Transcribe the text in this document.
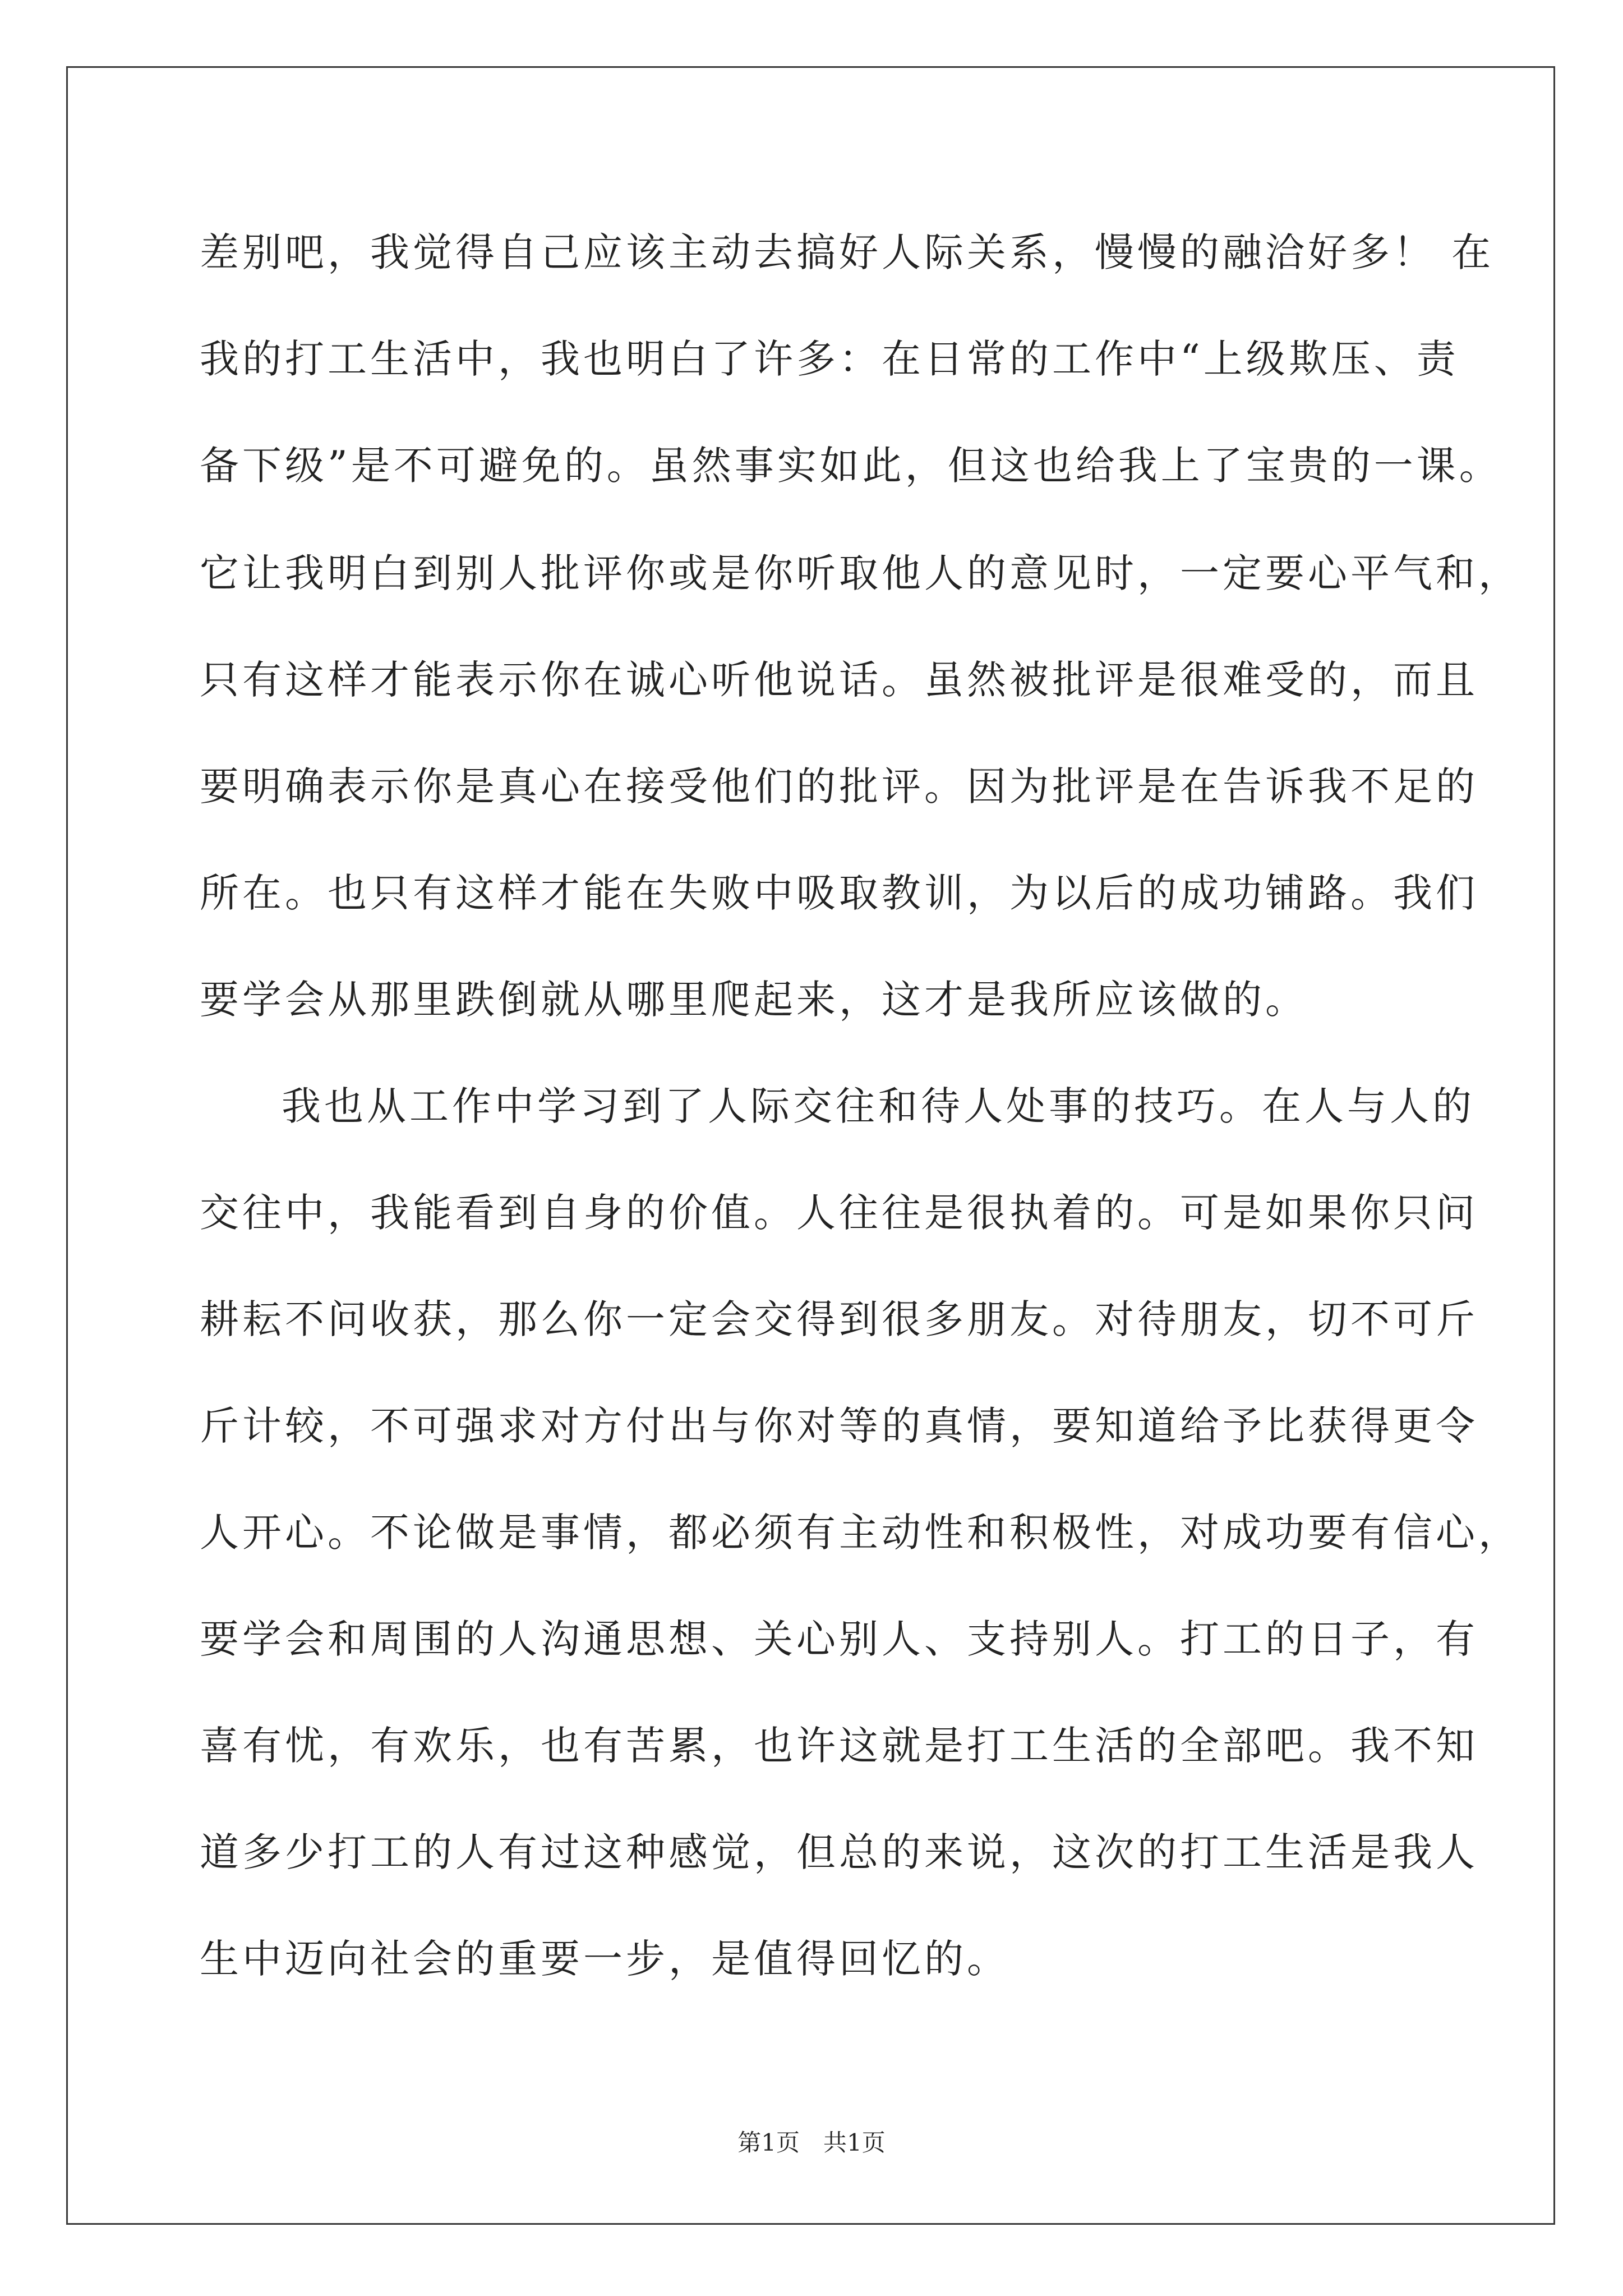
差别吧，我觉得自己应该主动去搞好人际关系，慢慢的融洽好多！ 在
我的打工生活中，我也明白了许多：在日常的工作中“上级欺压、责
备下级”是不可避免的。虽然事实如此，但这也给我上了宝贵的一课。
它让我明白到别人批评你或是你听取他人的意见时，一定要心平气和，
只有这样才能表示你在诚心听他说话。虽然被批评是很难受的，而且
要明确表示你是真心在接受他们的批评。因为批评是在告诉我不足的
所在。也只有这样才能在失败中吸取教训，为以后的成功铺路。我们
要学会从那里跌倒就从哪里爬起来，这才是我所应该做的。
我也从工作中学习到了人际交往和待人处事的技巧。在人与人的
交往中，我能看到自身的价值。人往往是很执着的。可是如果你只问
耕耘不问收获，那么你一定会交得到很多朋友。对待朋友，切不可斤
斤计较，不可强求对方付出与你对等的真情，要知道给予比获得更令
人开心。不论做是事情，都必须有主动性和积极性，对成功要有信心，
要学会和周围的人沟通思想、关心别人、支持别人。打工的日子，有
喜有忧，有欢乐，也有苦累，也许这就是打工生活的全部吧。我不知
道多少打工的人有过这种感觉，但总的来说，这次的打工生活是我人
生中迈向社会的重要一步，是值得回忆的。
第1页　共1页
